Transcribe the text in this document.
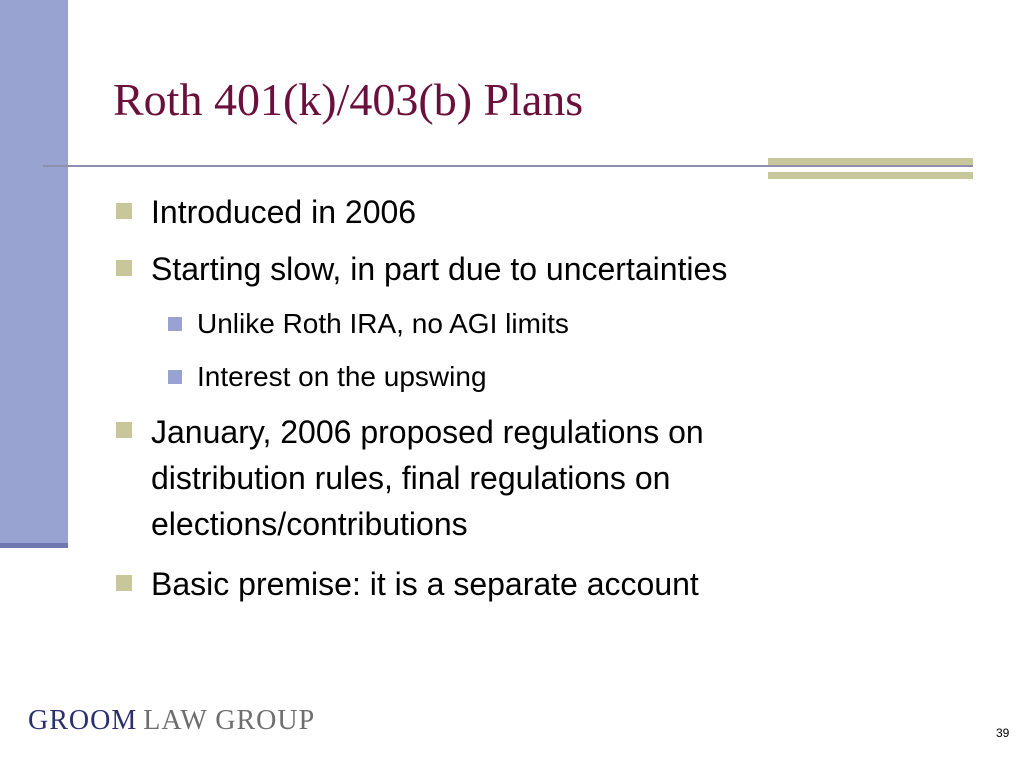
Roth 401(k)/403(b) Plans
Introduced in 2006
Starting slow, in part due to uncertainties
Unlike Roth IRA, no AGI limits
Interest on the upswing
January, 2006 proposed regulations on
distribution rules, final regulations on
elections/contributions
Basic premise: it is a separate account
GROOM LAW GROUP	39
